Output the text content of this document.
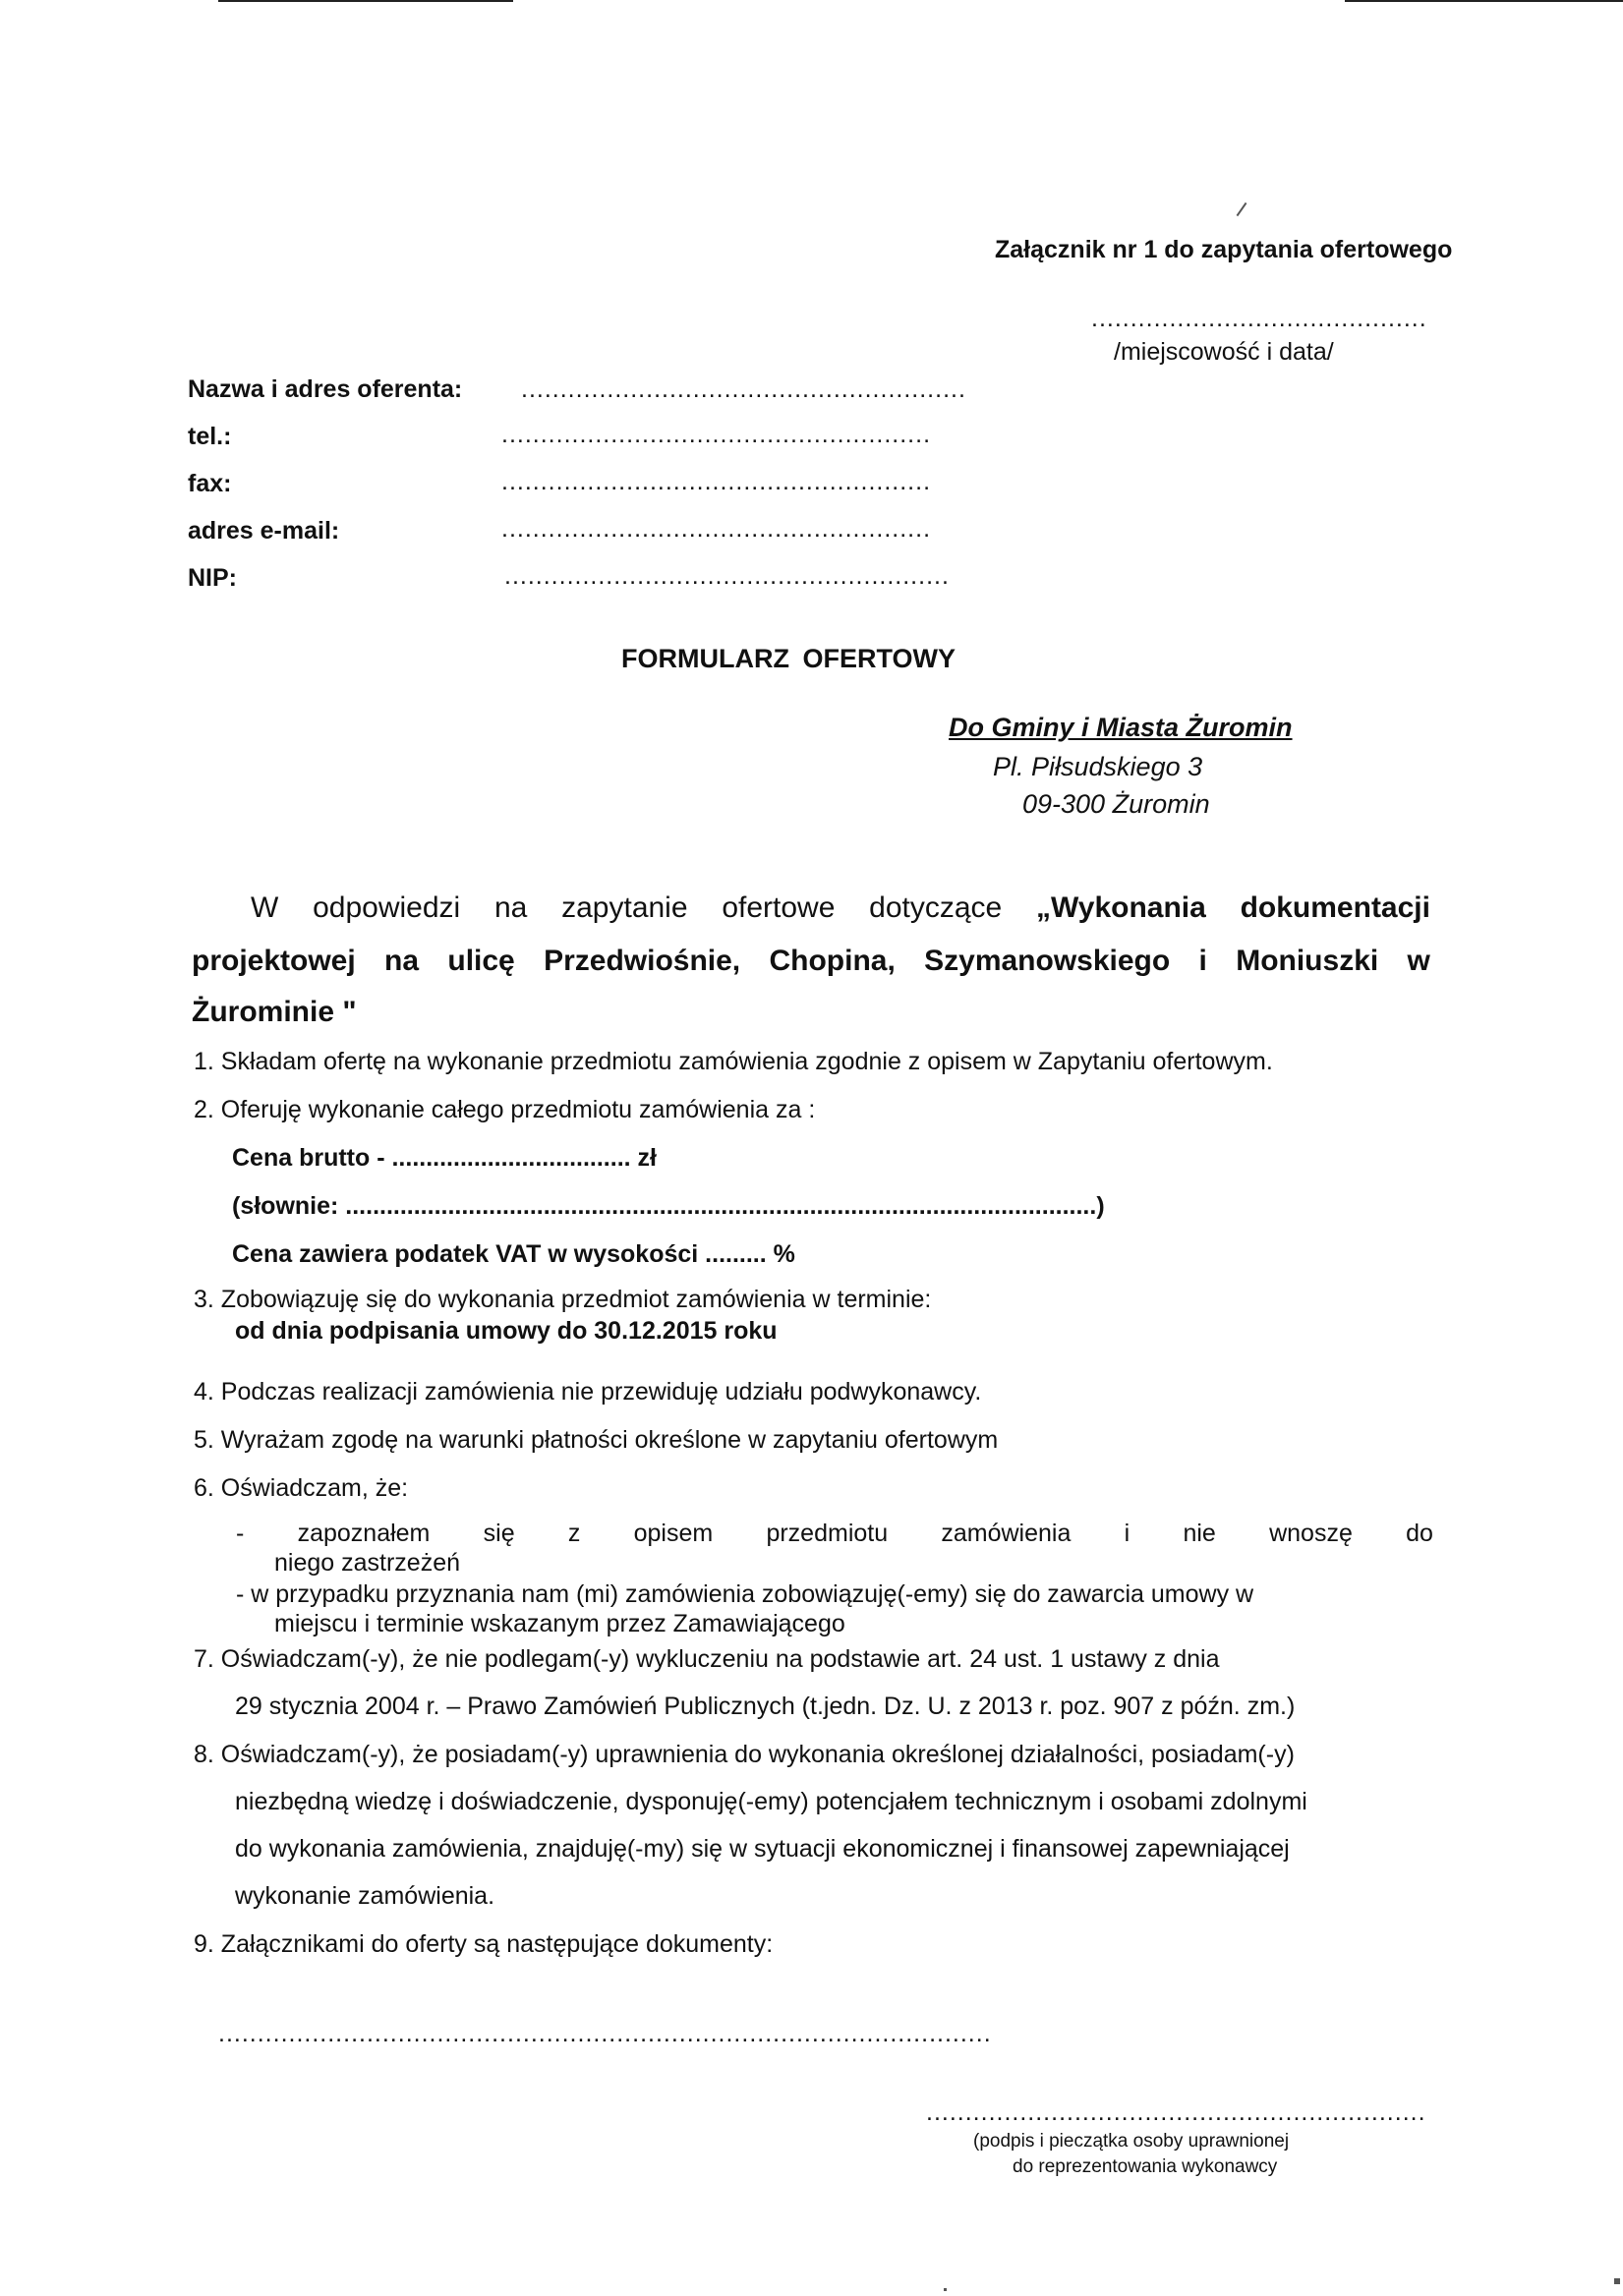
Załącznik nr 1 do zapytania ofertowego
...........................................
/miejscowość i data/
Nazwa i adres oferenta: .........................................................
tel.:	.......................................................
fax:	.......................................................
adres e-mail:	.......................................................
NIP:	.........................................................
FORMULARZ OFERTOWY
Do Gminy i Miasta Żuromin
Pl. Piłsudskiego 3
09-300 Żuromin
W odpowiedzi na zapytanie ofertowe dotyczące „Wykonania dokumentacji
projektowej na ulicę Przedwiośnie, Chopina, Szymanowskiego i Moniuszki w
Żurominie "
1. Składam ofertę na wykonanie przedmiotu zamówienia zgodnie z opisem w Zapytaniu ofertowym.
2. Oferuję wykonanie całego przedmiotu zamówienia za :
Cena brutto - ................................... zł
(słownie: ..............................................................................................................)
Cena zawiera podatek VAT w wysokości ......... %
3. Zobowiązuję się do wykonania przedmiot zamówienia w terminie:
od dnia podpisania umowy do 30.12.2015 roku
4. Podczas realizacji zamówienia nie przewiduję udziału podwykonawcy.
5. Wyrażam zgodę na warunki płatności określone w zapytaniu ofertowym
6. Oświadczam, że:
- zapoznałem się z opisem przedmiotu zamówienia i nie wnoszę do
niego zastrzeżeń
- w przypadku przyznania nam (mi) zamówienia zobowiązuję(-emy) się do zawarcia umowy w
miejscu i terminie wskazanym przez Zamawiającego
7. Oświadczam(-y), że nie podlegam(-y) wykluczeniu na podstawie art. 24 ust. 1 ustawy z dnia
29 stycznia 2004 r. – Prawo Zamówień Publicznych (t.jedn. Dz. U. z 2013 r. poz. 907 z późn. zm.)
8. Oświadczam(-y), że posiadam(-y) uprawnienia do wykonania określonej działalności, posiadam(-y)
niezbędną wiedzę i doświadczenie, dysponuję(-emy) potencjałem technicznym i osobami zdolnymi
do wykonania zamówienia, znajduję(-my) się w sytuacji ekonomicznej i finansowej zapewniającej
wykonanie zamówienia.
9. Załącznikami do oferty są następujące dokumenty:
...................................................................................................
................................................................
(podpis i pieczątka osoby uprawnionej
do reprezentowania wykonawcy
